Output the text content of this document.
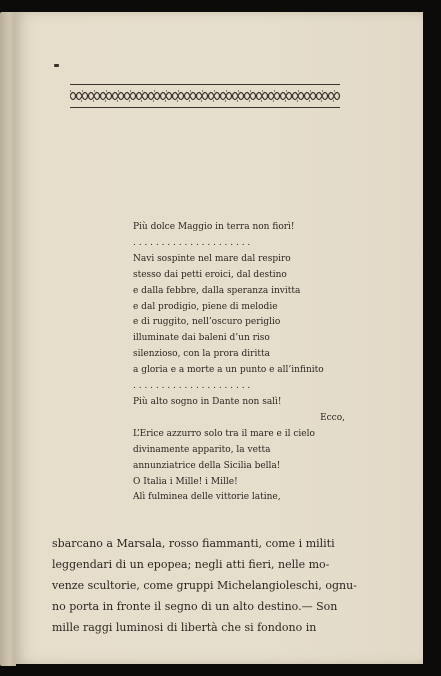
Più dolce Maggio in terra non fiorì!
. . . . . . . . . . . . . . . . . . . . .
Navi sospinte nel mare dal respiro
stesso dai petti eroici, dal destino
e dalla febbre, dalla speranza invitta
e dal prodigio, piene di melodie
e di ruggito, nell’oscuro periglio
illuminate dai baleni d’un riso
silenzioso, con la prora diritta
a gloria e a morte a un punto e all’infinito
. . . . . . . . . . . . . . . . . . . . .
Più alto sogno in Dante non salì!
Ecco,
L’Erice azzurro solo tra il mare e il cielo
divinamente apparito, la vetta
annunziatrice della Sicilia bella!
O Italia i Mille! i Mille!
Alì fulminea delle vittorie latine,
sbarcano a Marsala, rosso fiammanti, come i militi
leggendari di un epopea; negli atti fieri, nelle mo-
venze scultorie, come gruppi Michelangioleschi, ognu-
no porta in fronte il segno di un alto destino.— Son
mille raggi luminosi di libertà che si fondono in
